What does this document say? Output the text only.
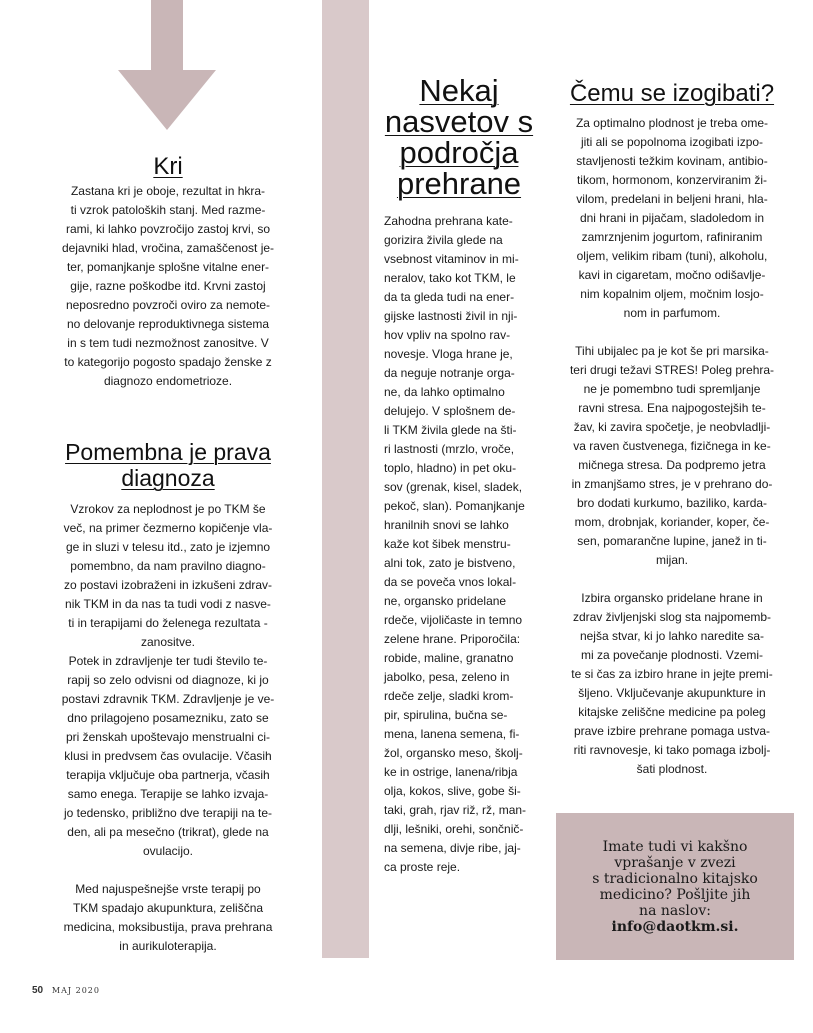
Kri

Zastana kri je oboje, rezultat in hkra-
ti vzrok patoloških stanj. Med razme-
rami, ki lahko povzročijo zastoj krvi, so
dejavniki hlad, vročina, zamaščenost je-
ter, pomanjkanje splošne vitalne ener-
gije, razne poškodbe itd. Krvni zastoj
neposredno povzroči oviro za nemote-
no delovanje reproduktivnega sistema
in s tem tudi nezmožnost zanositve. V
to kategorijo pogosto spadajo ženske z
diagnozo endometrioze.

Pomembna je prava diagnoza

Vzrokov za neplodnost je po TKM še
več, na primer čezmerno kopičenje vla-
ge in sluzi v telesu itd., zato je izjemno
pomembno, da nam pravilno diagno-
zo postavi izobraženi in izkušeni zdrav-
nik TKM in da nas ta tudi vodi z nasve-
ti in terapijami do želenega rezultata -
zanositve.

Potek in zdravljenje ter tudi število te-
rapij so zelo odvisni od diagnoze, ki jo
postavi zdravnik TKM. Zdravljenje je ve-
dno prilagojeno posamezniku, zato se
pri ženskah upoštevajo menstrualni ci-
klusi in predvsem čas ovulacije. Včasih
terapija vključuje oba partnerja, včasih
samo enega. Terapije se lahko izvaja-
jo tedensko, približno dve terapiji na te-
den, ali pa mesečno (trikrat), glede na
ovulacijo.

Med najuspešnejše vrste terapij po
TKM spadajo akupunktura, zeliščna
medicina, moksibustija, prava prehrana
in aurikuloterapija.

Nekaj nasvetov s področja prehrane

Zahodna prehrana kate-
gorizira živila glede na
vsebnost vitaminov in mi-
neralov, tako kot TKM, le
da ta gleda tudi na ener-
gijske lastnosti živil in nji-
hov vpliv na spolno rav-
novesje. Vloga hrane je,
da neguje notranje orga-
ne, da lahko optimalno
delujejo. V splošnem de-
li TKM živila glede na šti-
ri lastnosti (mrzlo, vroče,
toplo, hladno) in pet oku-
sov (grenak, kisel, sladek,
pekoč, slan). Pomanjkanje
hranilnih snovi se lahko
kaže kot šibek menstru-
alni tok, zato je bistveno,
da se poveča vnos lokal-
ne, organsko pridelane
rdeče, vijoličaste in temno
zelene hrane. Priporočila:
robide, maline, granatno
jabolko, pesa, zeleno in
rdeče zelje, sladki krom-
pir, spirulina, bučna se-
mena, lanena semena, fi-
žol, organsko meso, školj-
ke in ostrige, lanena/ribja
olja, kokos, slive, gobe ši-
taki, grah, rjav riž, rž, man-
dlji, lešniki, orehi, sončnič-
na semena, divje ribe, jaj-
ca proste reje.

Čemu se izogibati?

Za optimalno plodnost je treba ome-
jiti ali se popolnoma izogibati izpo-
stavljenosti težkim kovinam, antibio-
tikom, hormonom, konzerviranim ži-
vilom, predelani in beljeni hrani, hla-
dni hrani in pijačam, sladoledom in
zamrznjenim jogurtom, rafiniranim
oljem, velikim ribam (tuni), alkoholu,
kavi in cigaretam, močno odišavlje-
nim kopalnim oljem, močnim losjo-
nom in parfumom.

Tihi ubijalec pa je kot še pri marsika-
teri drugi težavi STRES! Poleg prehra-
ne je pomembno tudi spremljanje
ravni stresa. Ena najpogostejših te-
žav, ki zavira spočetje, je neobvladlji-
va raven čustvenega, fizičnega in ke-
mičnega stresa. Da podpremo jetra
in zmanjšamo stres, je v prehrano do-
bro dodati kurkumo, baziliko, karda-
mom, drobnjak, koriander, koper, če-
sen, pomarančne lupine, janež in ti-
mijan.

Izbira organsko pridelane hrane in
zdrav življenjski slog sta najpomemb-
nejša stvar, ki jo lahko naredite sa-
mi za povečanje plodnosti. Vzemi-
te si čas za izbiro hrane in jejte premi-
šljeno. Vključevanje akupunkture in
kitajske zeliščne medicine pa poleg
prave izbire prehrane pomaga ustva-
riti ravnovesje, ki tako pomaga izbolj-
šati plodnost.

Imate tudi vi kakšno
vprašanje v zvezi
s tradicionalno kitajsko
medicino? Pošljite jih
na naslov:

info@daotkm.si.

50 MAJ 2020
